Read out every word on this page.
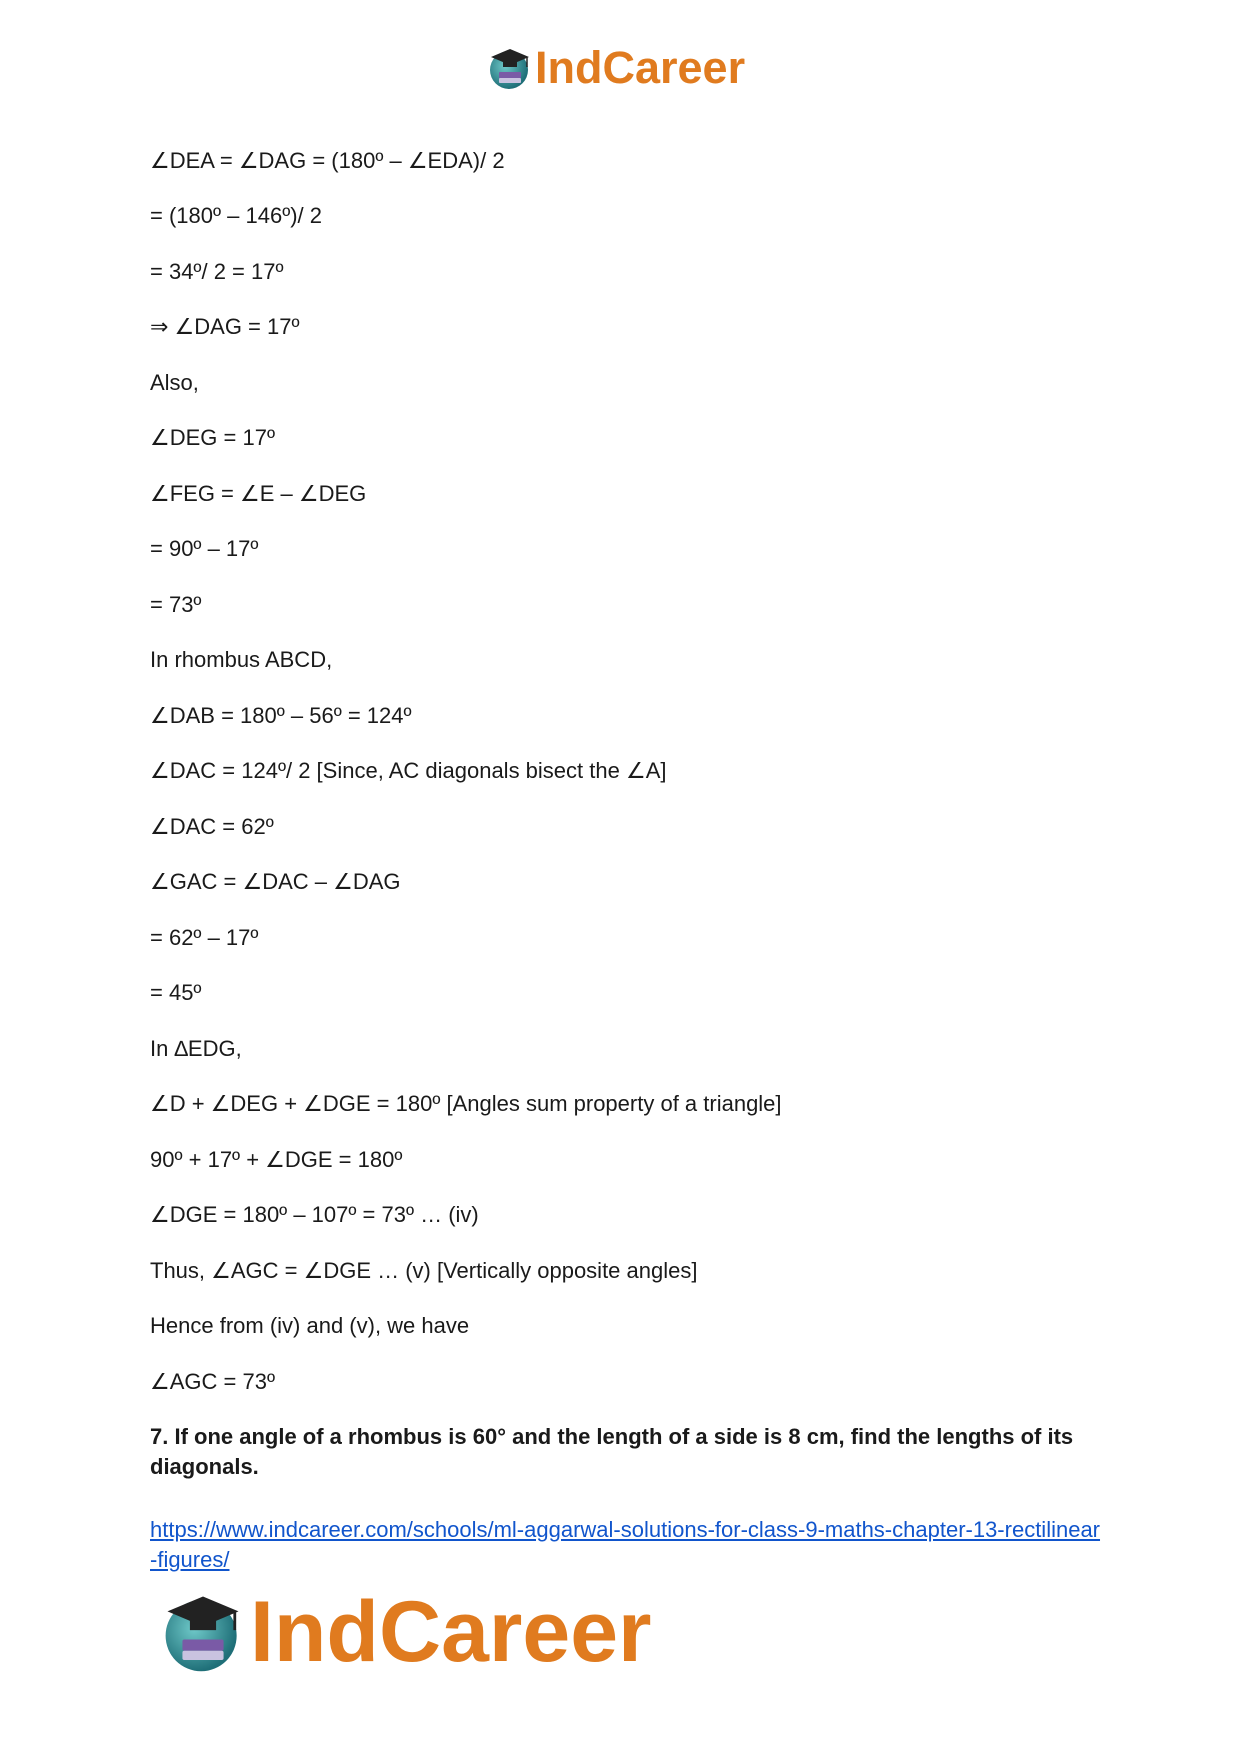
IndCareer
∠DEA = ∠DAG = (180º – ∠EDA)/ 2
= (180º – 146º)/ 2
= 34º/ 2 = 17º
⇒ ∠DAG = 17º
Also,
∠DEG = 17º
∠FEG = ∠E – ∠DEG
= 90º – 17º
= 73º
In rhombus ABCD,
∠DAB = 180º – 56º = 124º
∠DAC = 124º/ 2 [Since, AC diagonals bisect the ∠A]
∠DAC = 62º
∠GAC = ∠DAC – ∠DAG
= 62º – 17º
= 45º
In ∆EDG,
∠D + ∠DEG + ∠DGE = 180º [Angles sum property of a triangle]
90º + 17º + ∠DGE = 180º
∠DGE = 180º – 107º = 73º … (iv)
Thus, ∠AGC = ∠DGE … (v) [Vertically opposite angles]
Hence from (iv) and (v), we have
∠AGC = 73º
7. If one angle of a rhombus is 60° and the length of a side is 8 cm, find the lengths of its diagonals.
https://www.indcareer.com/schools/ml-aggarwal-solutions-for-class-9-maths-chapter-13-rectilinear-figures/
IndCareer
